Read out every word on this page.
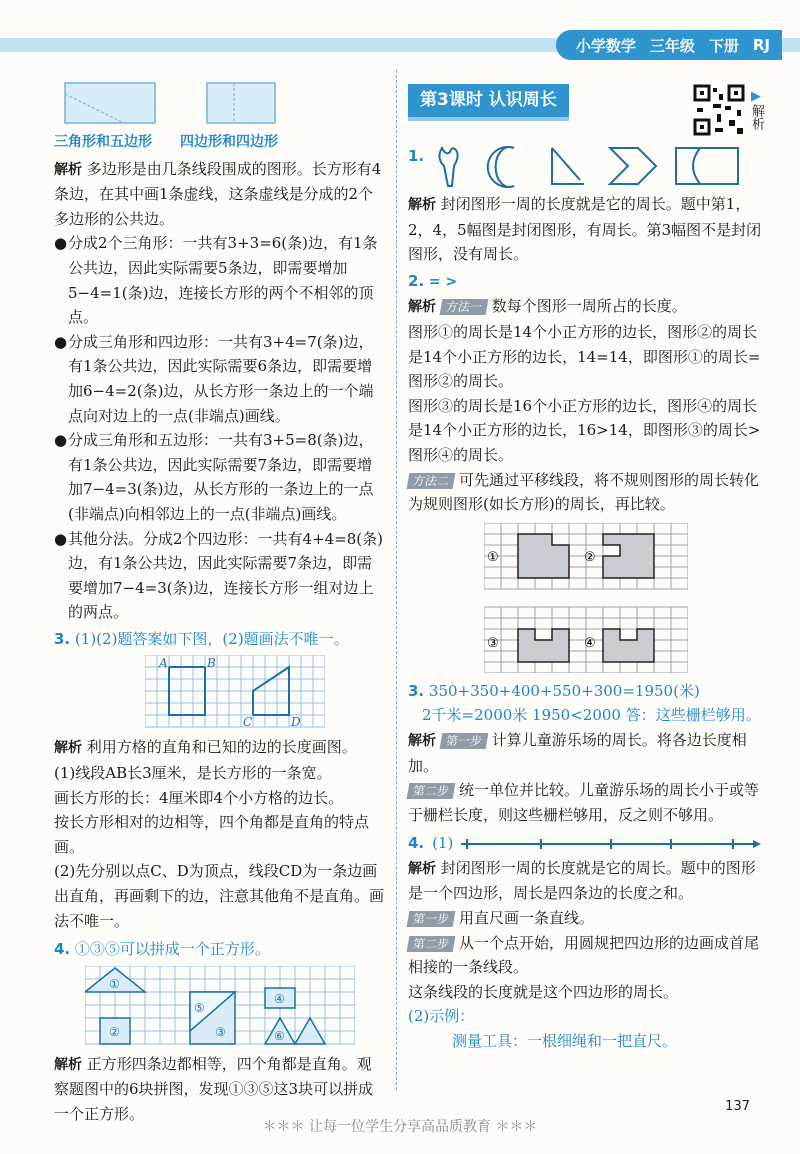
小学数学 三年级 下册 RJ
三角形和五边形 四边形和四边形

解析 多边形是由几条线段围成的图形。长方形有4条边，在其中画1条虚线，这条虚线是分成的2个多边形的公共边。

● 分成2个三角形：一共有3+3=6(条)边，有1条公共边，因此实际需要5条边，即需要增加5−4=1(条)边，连接长方形的两个不相邻的顶点。
● 分成三角形和四边形：一共有3+4=7(条)边，有1条公共边，因此实际需要6条边，即需要增加6−4=2(条)边，从长方形一条边上的一个端点向对边上的一点(非端点)画线。
● 分成三角形和五边形：一共有3+5=8(条)边，有1条公共边，因此实际需要7条边，即需要增加7−4=3(条)边，从长方形的一条边上的一点(非端点)向相邻边上的一点(非端点)画线。
● 其他分法。分成2个四边形：一共有4+4=8(条)边，有1条公共边，因此实际需要7条边，即需要增加7−4=3(条)边，连接长方形一组对边上的两点。

3. (1)(2)题答案如下图，(2)题画法不唯一。

A	B
C	D

解析 利用方格的直角和已知的边的长度画图。

(1)线段AB长3厘米，是长方形的一条宽。

画长方形的长：4厘米即4个小方格的边长。

按长方形相对的边相等，四个角都是直角的特点画。

(2)先分别以点C、D为顶点，线段CD为一条边画出直角，再画剩下的边，注意其他角不是直角。画法不唯一。

4. ①③⑤可以拼成一个正方形。

①
②	③
④
⑤
⑥

解析 正方形四条边都相等，四个角都是直角。观察题图中的6块拼图，发现①③⑤这3块可以拼成一个正方形。

第3课时 认识周长	▶
解析
1.

解析 封闭图形一周的长度就是它的周长。题中第1，2，4，5幅图是封闭图形，有周长。第3幅图不是封闭图形，没有周长。

2. = >

解析 方法一 数每个图形一周所占的长度。

图形①的周长是14个小正方形的边长，图形②的周长是14个小正方形的边长，14=14，即图形①的周长=图形②的周长。

图形③的周长是16个小正方形的边长，图形④的周长是14个小正方形的边长，16>14，即图形③的周长>图形④的周长。

方法二 可先通过平移线段，将不规则图形的周长转化为规则图形(如长方形)的周长，再比较。

①	②
③	④

3. 350+350+400+550+300=1950(米)

2千米=2000米 1950<2000 答：这些栅栏够用。

解析 第一步 计算儿童游乐场的周长。将各边长度相加。

第二步 统一单位并比较。儿童游乐场的周长小于或等于栅栏长度，则这些栅栏够用，反之则不够用。

4. (1)

解析 封闭图形一周的长度就是它的周长。题中的图形是一个四边形，周长是四条边的长度之和。

第一步 用直尺画一条直线。

第二步 从一个点开始，用圆规把四边形的边画成首尾相接的一条线段。

这条线段的长度就是这个四边形的周长。

(2)示例：

测量工具：一根细绳和一把直尺。

137
＊＊＊ 让每一位学生分享高品质教育 ＊＊＊
